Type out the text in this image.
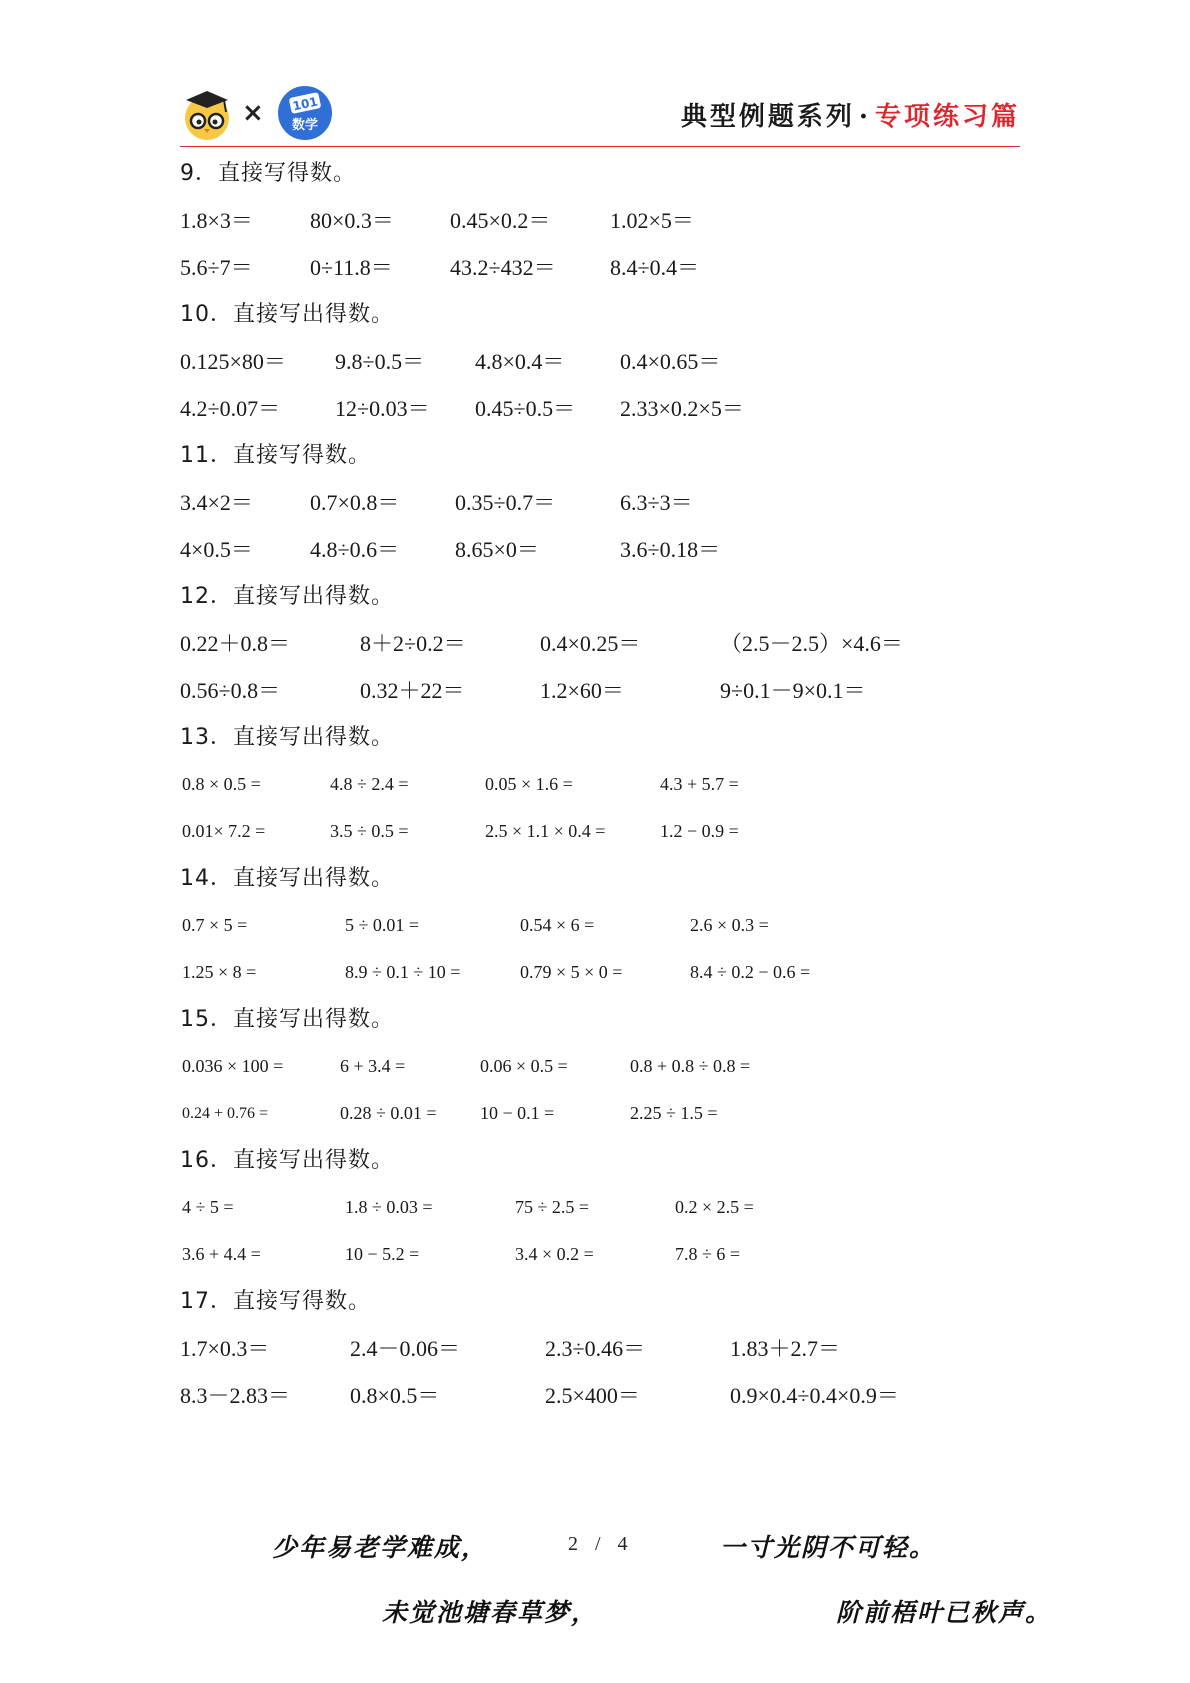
× 101
数学	典型例题系列 · 专项练习篇
9．直接写得数。
1.8×3＝	80×0.3＝	0.45×0.2＝	1.02×5＝
5.6÷7＝	0÷11.8＝	43.2÷432＝ 8.4÷0.4＝
10．直接写出得数。
0.125×80＝ 9.8÷0.5＝ 4.8×0.4＝	0.4×0.65＝
4.2÷0.07＝ 12÷0.03＝ 0.45÷0.5＝ 2.33×0.2×5＝
11．直接写得数。
3.4×2＝	0.7×0.8＝	0.35÷0.7＝	6.3÷3＝
4×0.5＝	4.8÷0.6＝	8.65×0＝	3.6÷0.18＝
12．直接写出得数。
0.22＋0.8＝	8＋2÷0.2＝	0.4×0.25＝	（2.5－2.5）×4.6＝
0.56÷0.8＝	0.32＋22＝	1.2×60＝	9÷0.1－9×0.1＝
13．直接写出得数。
0.8 × 0.5 =	4.8 ÷ 2.4 =	0.05 × 1.6 =	4.3 + 5.7 =
0.01× 7.2 =	3.5 ÷ 0.5 =	2.5 × 1.1 × 0.4 =	1.2 − 0.9 =
14．直接写出得数。
0.7 × 5 =	5 ÷ 0.01 =	0.54 × 6 =	2.6 × 0.3 =
1.25 × 8 =	8.9 ÷ 0.1 ÷ 10 =	0.79 × 5 × 0 =	8.4 ÷ 0.2 − 0.6 =
15．直接写出得数。
0.036 × 100 =	6 + 3.4 =	0.06 × 0.5 =	0.8 + 0.8 ÷ 0.8 =
0.24 + 0.76 =	0.28 ÷ 0.01 = 10 − 0.1 =	2.25 ÷ 1.5 =
16．直接写出得数。
4 ÷ 5 =	1.8 ÷ 0.03 =	75 ÷ 2.5 =	0.2 × 2.5 =
3.6 + 4.4 =	10 − 5.2 =	3.4 × 0.2 =	7.8 ÷ 6 =
17．直接写得数。
1.7×0.3＝	2.4－0.06＝	2.3÷0.46＝	1.83＋2.7＝
8.3－2.83＝	0.8×0.5＝	2.5×400＝	0.9×0.4÷0.4×0.9＝
少年易老学难成，	2 / 4	一寸光阴不可轻。
未觉池塘春草梦，	阶前梧叶已秋声。
